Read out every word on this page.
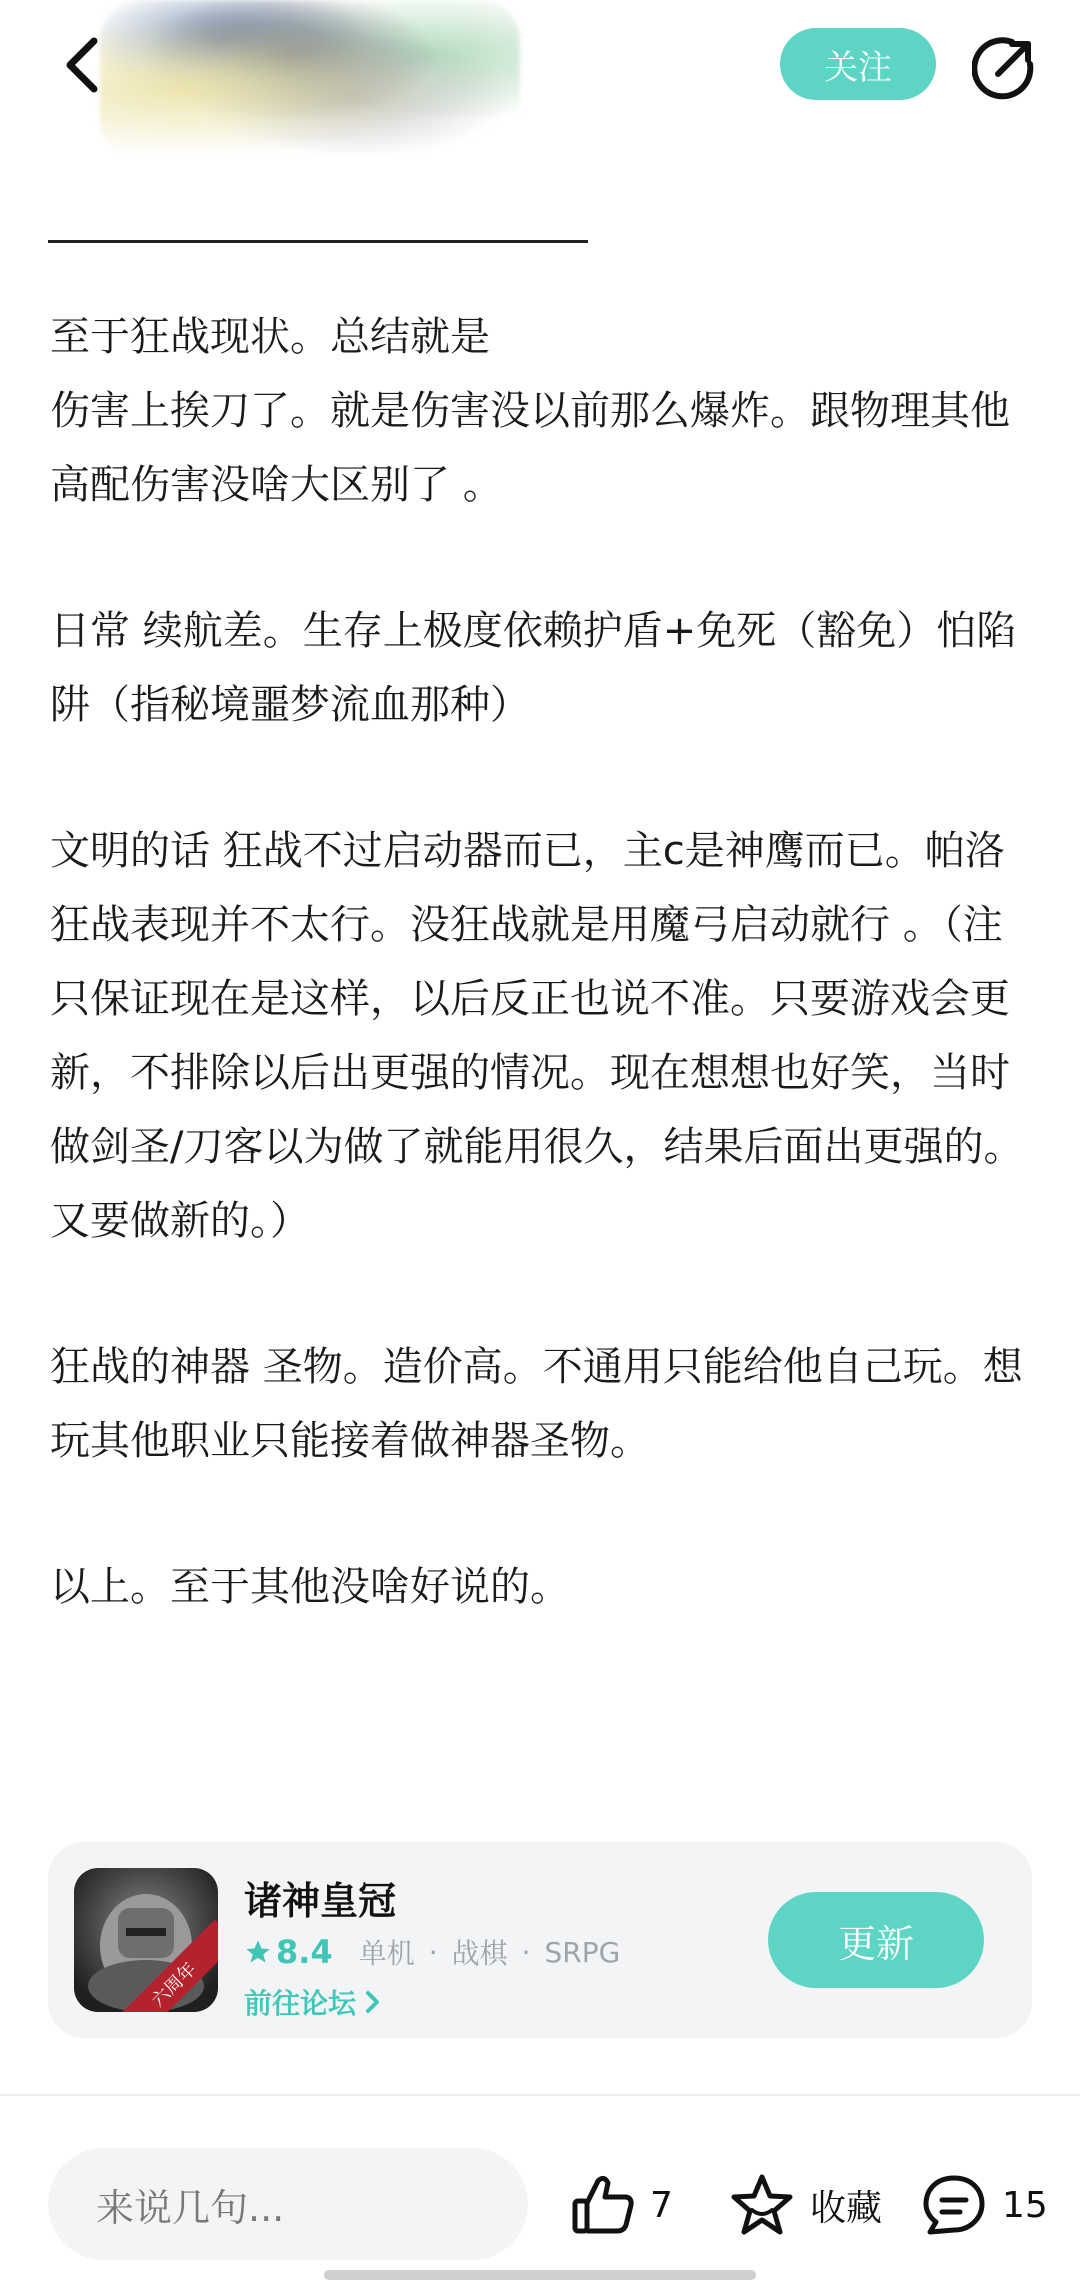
关注

至于狂战现状。总结就是

伤害上挨刀了。就是伤害没以前那么爆炸。跟物理其他高配伤害没啥大区别了 。

日常 续航差。生存上极度依赖护盾+免死（豁免）怕陷阱（指秘境噩梦流血那种）

文明的话 狂战不过启动器而已，主c是神鹰而已。帕洛狂战表现并不太行。没狂战就是用魔弓启动就行 。（注只保证现在是这样，以后反正也说不准。只要游戏会更新，不排除以后出更强的情况。现在想想也好笑，当时做剑圣/刀客以为做了就能用很久，结果后面出更强的。又要做新的。）

狂战的神器 圣物。造价高。不通用只能给他自己玩。想玩其他职业只能接着做神器圣物。

以上。至于其他没啥好说的。

六周年
诸神皇冠
8.4 单机 · 战棋 · SRPG
前往论坛
更新
来说几句...	7	收藏	15
